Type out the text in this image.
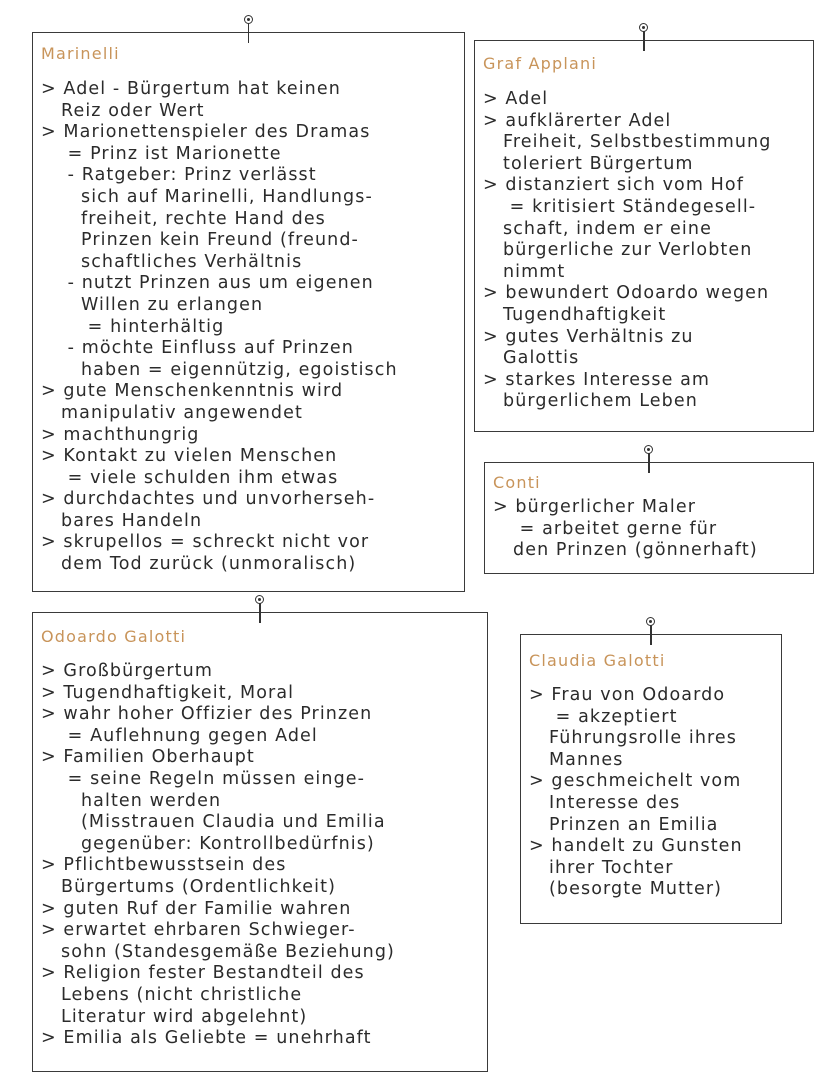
Marinelli
> Adel - Bürgertum hat keinen
Reiz oder Wert
> Marionettenspieler des Dramas
= Prinz ist Marionette
- Ratgeber: Prinz verlässt
sich auf Marinelli, Handlungs-
freiheit, rechte Hand des
Prinzen kein Freund (freund-
schaftliches Verhältnis
- nutzt Prinzen aus um eigenen
Willen zu erlangen
= hinterhältig
- möchte Einfluss auf Prinzen
haben = eigennützig, egoistisch
> gute Menschenkenntnis wird
manipulativ angewendet
> machthungrig
> Kontakt zu vielen Menschen
= viele schulden ihm etwas
> durchdachtes und unvorherseh-
bares Handeln
> skrupellos = schreckt nicht vor
dem Tod zurück (unmoralisch)
Graf Applani
> Adel
> aufklärerter Adel
Freiheit, Selbstbestimmung
toleriert Bürgertum
> distanziert sich vom Hof
= kritisiert Ständegesell-
schaft, indem er eine
bürgerliche zur Verlobten
nimmt
> bewundert Odoardo wegen
Tugendhaftigkeit
> gutes Verhältnis zu
Galottis
> starkes Interesse am
bürgerlichem Leben
Conti
> bürgerlicher Maler
= arbeitet gerne für
den Prinzen (gönnerhaft)
Odoardo Galotti
> Großbürgertum
> Tugendhaftigkeit, Moral
> wahr hoher Offizier des Prinzen
= Auflehnung gegen Adel
> Familien Oberhaupt
= seine Regeln müssen einge-
halten werden
(Misstrauen Claudia und Emilia
gegenüber: Kontrollbedürfnis)
> Pflichtbewusstsein des
Bürgertums (Ordentlichkeit)
> guten Ruf der Familie wahren
> erwartet ehrbaren Schwieger-
sohn (Standesgemäße Beziehung)
> Religion fester Bestandteil des
Lebens (nicht christliche
Literatur wird abgelehnt)
> Emilia als Geliebte = unehrhaft
Claudia Galotti
> Frau von Odoardo
= akzeptiert
Führungsrolle ihres
Mannes
> geschmeichelt vom
Interesse des
Prinzen an Emilia
> handelt zu Gunsten
ihrer Tochter
(besorgte Mutter)
